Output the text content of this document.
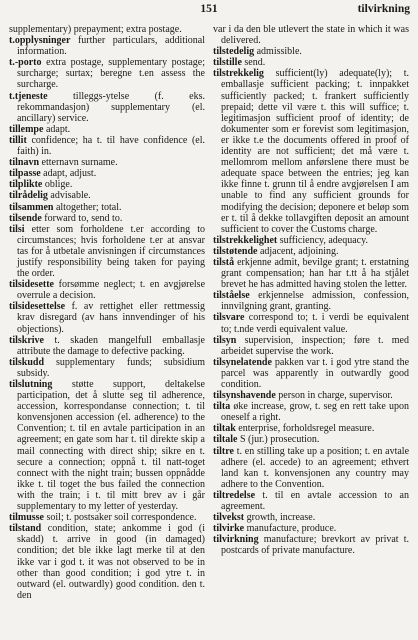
151	tilvirkning

supplementary) prepayment; extra postage.

t.opplysninger further particulars, additional information.

t.-porto extra postage, supplementary postage; surcharge; surtax; beregne t.en assess the surcharge.

t.tjeneste	tilleggs-ytelse (f. eks. rekommandasjon) supplementary (el. ancillary) service.

tillempe adapt.

tillit confidence; ha t. til have confidence (el. faith) in.

tilnavn etternavn surname.

tilpasse adapt, adjust.

tilplikte oblige.

tilrådelig advisable.

tilsammen altogether; total.

tilsende forward to, send to.

tilsi etter som forholdene t.er according to circumstances; hvis forholdene t.er at ansvar tas for å utbetale anvisningen if circumstances justify responsibility being taken for paying the order.

tilsidesette forsømme neglect; t. en avgjørelse overrule a decision.

tilsidesettelse f. av rettighet eller rettmessig krav disregard (av hans innvendinger of his objections).

tilskrive t. skaden mangelfull emballasje attribute the damage to defective packing.

tilskudd supplementary funds; subsidium subsidy.

tilslutning støtte support, deltakelse participation, det å slutte seg til adherence, accession, korrespondanse connection; t. til konvensjonen accession (el. adherence) to the Convention; t. til en avtale participation in an agreement; en gate som har t. til direkte skip a mail connecting with direct ship; sikre en t. secure a connection; oppnå t. til natt-toget connect with the night train; bussen oppnådde ikke t. til toget the bus failed the connection with the train; i t. til mitt brev av i går supplementary to my letter of yesterday.

tilmusse soil; t. postsaker soil correspondence.

tilstand condition, state; ankomme i god (i skadd) t. arrive in good (in damaged) condition; det ble ikke lagt merke til at den ikke var i god t. it was not observed to be in other than good condition; i god ytre t. in outward (el. outwardly) good condition. den t. den

var i da den ble utlevert the state in which it was delivered.

tilstedelig admissible.

tilstille send.

tilstrekkelig sufficient(ly) adequate(ly); t. emballasje sufficient packing; t. innpakket sufficiently packed; t. frankert sufficiently prepaid; dette vil være t. this will suffice; t. legitimasjon sufficient proof of identity; de dokumenter som er forevist som legitimasjon, er ikke t.e the documents offered in proof of identity are not sufficient; det må være t. mellomrom mellom anførslene there must be adequate space between the entries; jeg kan ikke finne t. grunn til å endre avgjørelsen I am unable to find any sufficient grounds for modifying the decision; deponere et beløp som er t. til å dekke tollavgiften deposit an amount sufficient to cover the Customs charge.

tilstrekkelighet sufficiency, adequacy.

tilstøtende adjacent, adjoining.

tilstå erkjenne admit, bevilge grant; t. erstatning grant compensation; han har t.tt å ha stjålet brevet he has admitted having stolen the letter.

tilståelse erkjennelse admission, confession, innvilgning grant, granting.

tilsvare correspond to; t. i verdi be equivalent to; t.nde verdi equivalent value.

tilsyn supervision, inspection; føre t. med arbeidet supervise the work.

tilsynelatende pakken var t. i god ytre stand the parcel was apparently in outwardly good condition.

tilsynshavende person in charge, supervisor.

tilta øke increase, grow, t. seg en rett take upon oneself a right.

tiltak enterprise, forholdsregel measure.

tiltale S (jur.) prosecution.

tiltre t. en stilling take up a position; t. en avtale adhere (el. accede) to an agreement; ethvert land kan t. konvensjonen any country may adhere to the Convention.

tiltredelse t. til en avtale accession to an agreement.

tilvekst growth, increase.

tilvirke manufacture, produce.

tilvirkning manufacture; brevkort av privat t. postcards of private manufacture.
